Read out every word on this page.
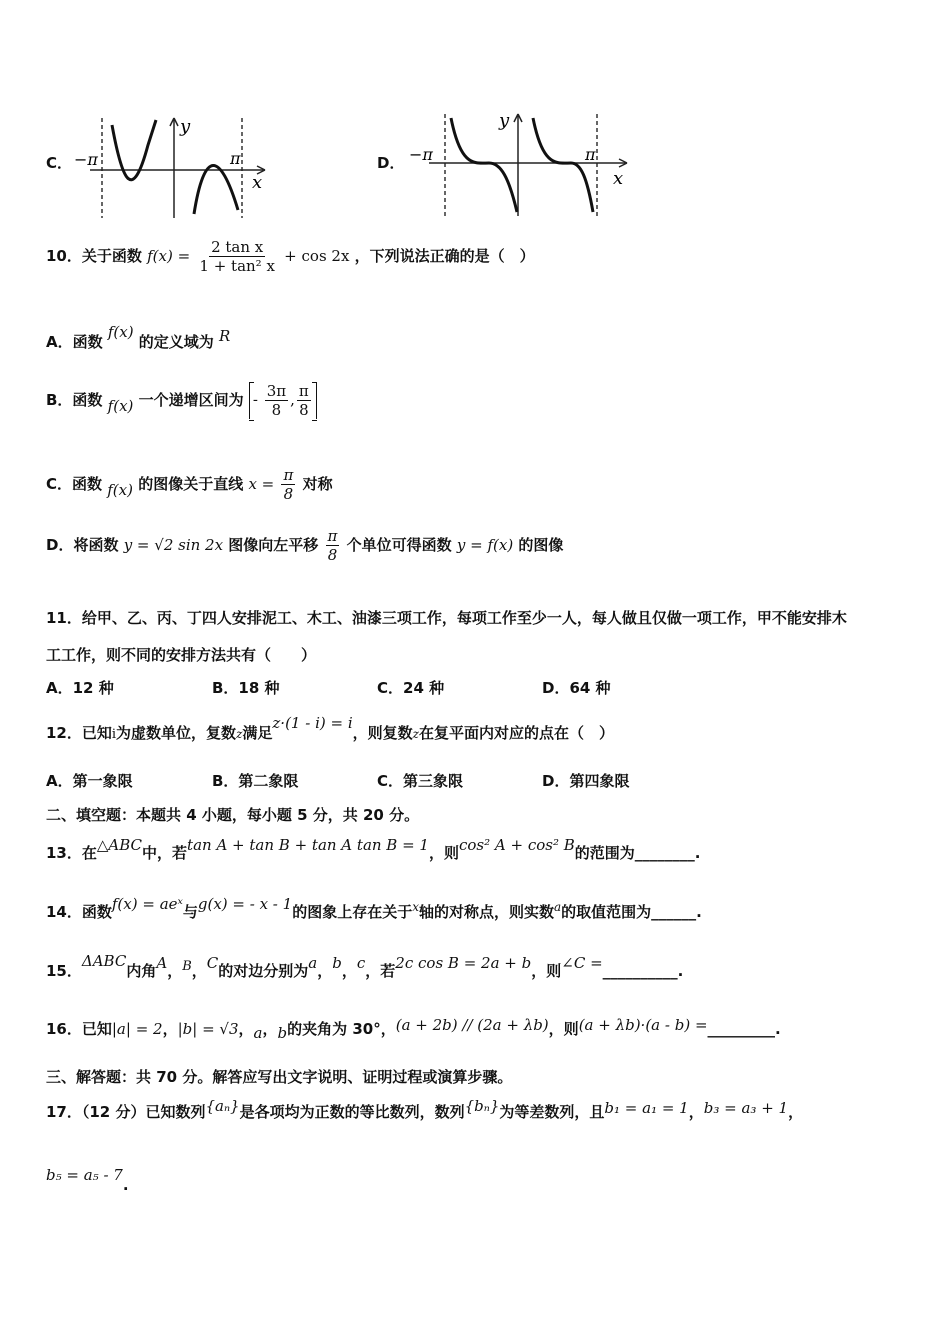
C． −π	π
x
y
D． −π	π
x
y
10．关于函数 $f(x) = \frac{\text{2 tan x}}{\text{1 + tan² x}} + \cos 2x$ ，下列说法正确的是（　）
A．函数 f(x) 的定义域为 R
B．函数 f(x) 一个递增区间为 - $\frac{3\pi}{8}$ , $\frac{\pi}{8}$
C．函数 f(x) 的图像关于直线 $x = \frac{\pi}{8}$ 对称
D．将函数 y = √2 sin 2x 图像向左平移 $\frac{\pi}{8}$ 个单位可得函数 y = f(x) 的图像
11．给甲、乙、丙、丁四人安排泥工、木工、油漆三项工作，每项工作至少一人，每人做且仅做一项工作，甲不能安排木
工工作，则不同的安排方法共有（　　）
A．12 种	B．18 种	C．24 种	D．64 种
12．已知i为虚数单位，复数z满足z·(1 - i) = i，则复数z在复平面内对应的点在（　）
A．第一象限	B．第二象限	C．第三象限	D．第四象限
二、填空题：本题共 4 小题，每小题 5 分，共 20 分。
13．在△ABC中，若tan A + tan B + tan A tan B = 1，则cos² A + cos² B的范围为________.
14．函数f(x) = aeˣ与g(x) = - x - 1的图象上存在关于$^x$轴的对称点，则实数$^a$的取值范围为______.
15．ΔABC内角A，B，C的对边分别为a，b，c，若2c cos B = 2a + b，则∠C =__________.
16．已知|a| = 2，|b| = √3，a，b的夹角为 30°，(a + 2b) // (2a + λb)，则(a + λb)·(a - b) =_________.
三、解答题：共 70 分。解答应写出文字说明、证明过程或演算步骤。
17．（12 分）已知数列{aₙ}是各项均为正数的等比数列，数列{bₙ}为等差数列，且b₁ = a₁ = 1，b₃ = a₃ + 1，
b₅ = a₅ - 7.
